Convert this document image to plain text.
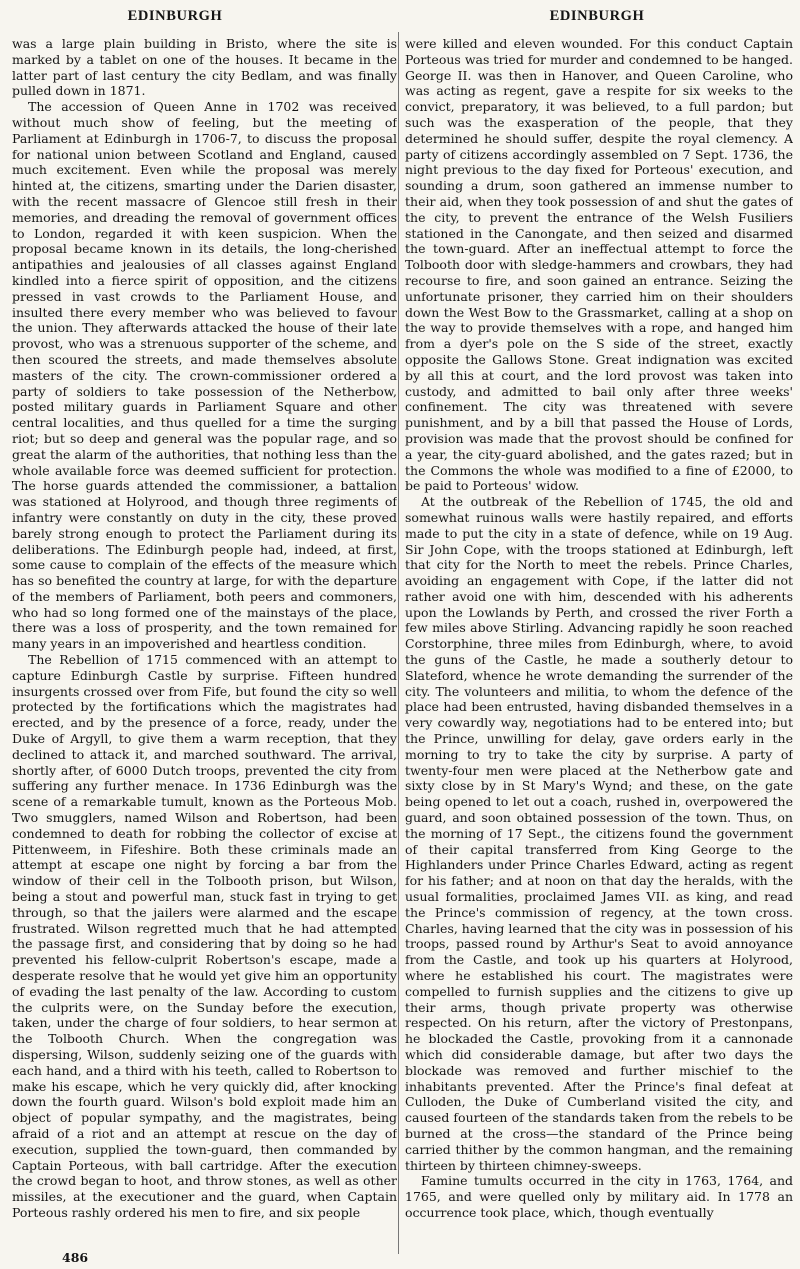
EDINBURGH	EDINBURGH

was a large plain building in Bristo, where the site is marked by a tablet on one of the houses. It became in the latter part of last century the city Bedlam, and was finally pulled down in 1871.

The accession of Queen Anne in 1702 was received without much show of feeling, but the meeting of Parliament at Edinburgh in 1706-7, to discuss the proposal for national union between Scotland and England, caused much excitement. Even while the proposal was merely hinted at, the citizens, smarting under the Darien disaster, with the recent massacre of Glencoe still fresh in their memories, and dreading the removal of government offices to London, regarded it with keen suspicion. When the proposal became known in its details, the long-cherished antipathies and jealousies of all classes against England kindled into a fierce spirit of opposition, and the citizens pressed in vast crowds to the Parliament House, and insulted there every member who was believed to favour the union. They afterwards attacked the house of their late provost, who was a strenuous supporter of the scheme, and then scoured the streets, and made themselves absolute masters of the city. The crown-commissioner ordered a party of soldiers to take possession of the Netherbow, posted military guards in Parliament Square and other central localities, and thus quelled for a time the surging riot; but so deep and general was the popular rage, and so great the alarm of the authorities, that nothing less than the whole available force was deemed sufficient for protection. The horse guards attended the commissioner, a battalion was stationed at Holyrood, and though three regiments of infantry were constantly on duty in the city, these proved barely strong enough to protect the Parliament during its deliberations. The Edinburgh people had, indeed, at first, some cause to complain of the effects of the measure which has so benefited the country at large, for with the departure of the members of Parliament, both peers and commoners, who had so long formed one of the mainstays of the place, there was a loss of prosperity, and the town remained for many years in an impoverished and heartless condition.

The Rebellion of 1715 commenced with an attempt to capture Edinburgh Castle by surprise. Fifteen hundred insurgents crossed over from Fife, but found the city so well protected by the fortifications which the magistrates had erected, and by the presence of a force, ready, under the Duke of Argyll, to give them a warm reception, that they declined to attack it, and marched southward. The arrival, shortly after, of 6000 Dutch troops, prevented the city from suffering any further menace. In 1736 Edinburgh was the scene of a remarkable tumult, known as the Porteous Mob. Two smugglers, named Wilson and Robertson, had been condemned to death for robbing the collector of excise at Pittenweem, in Fifeshire. Both these criminals made an attempt at escape one night by forcing a bar from the window of their cell in the Tolbooth prison, but Wilson, being a stout and powerful man, stuck fast in trying to get through, so that the jailers were alarmed and the escape frustrated. Wilson regretted much that he had attempted the passage first, and considering that by doing so he had prevented his fellow-culprit Robertson's escape, made a desperate resolve that he would yet give him an opportunity of evading the last penalty of the law. According to custom the culprits were, on the Sunday before the execution, taken, under the charge of four soldiers, to hear sermon at the Tolbooth Church. When the congregation was dispersing, Wilson, suddenly seizing one of the guards with each hand, and a third with his teeth, called to Robertson to make his escape, which he very quickly did, after knocking down the fourth guard. Wilson's bold exploit made him an object of popular sympathy, and the magistrates, being afraid of a riot and an attempt at rescue on the day of execution, supplied the town-guard, then commanded by Captain Porteous, with ball cartridge. After the execution the crowd began to hoot, and throw stones, as well as other missiles, at the executioner and the guard, when Captain Porteous rashly ordered his men to fire, and six people

were killed and eleven wounded. For this conduct Captain Porteous was tried for murder and condemned to be hanged. George II. was then in Hanover, and Queen Caroline, who was acting as regent, gave a respite for six weeks to the convict, preparatory, it was believed, to a full pardon; but such was the exasperation of the people, that they determined he should suffer, despite the royal clemency. A party of citizens accordingly assembled on 7 Sept. 1736, the night previous to the day fixed for Porteous' execution, and sounding a drum, soon gathered an immense number to their aid, when they took possession of and shut the gates of the city, to prevent the entrance of the Welsh Fusiliers stationed in the Canongate, and then seized and disarmed the town-guard. After an ineffectual attempt to force the Tolbooth door with sledge-hammers and crowbars, they had recourse to fire, and soon gained an entrance. Seizing the unfortunate prisoner, they carried him on their shoulders down the West Bow to the Grassmarket, calling at a shop on the way to provide themselves with a rope, and hanged him from a dyer's pole on the S side of the street, exactly opposite the Gallows Stone. Great indignation was excited by all this at court, and the lord provost was taken into custody, and admitted to bail only after three weeks' confinement. The city was threatened with severe punishment, and by a bill that passed the House of Lords, provision was made that the provost should be confined for a year, the city-guard abolished, and the gates razed; but in the Commons the whole was modified to a fine of £2000, to be paid to Porteous' widow.

At the outbreak of the Rebellion of 1745, the old and somewhat ruinous walls were hastily repaired, and efforts made to put the city in a state of defence, while on 19 Aug. Sir John Cope, with the troops stationed at Edinburgh, left that city for the North to meet the rebels. Prince Charles, avoiding an engagement with Cope, if the latter did not rather avoid one with him, descended with his adherents upon the Lowlands by Perth, and crossed the river Forth a few miles above Stirling. Advancing rapidly he soon reached Corstorphine, three miles from Edinburgh, where, to avoid the guns of the Castle, he made a southerly detour to Slateford, whence he wrote demanding the surrender of the city. The volunteers and militia, to whom the defence of the place had been entrusted, having disbanded themselves in a very cowardly way, negotiations had to be entered into; but the Prince, unwilling for delay, gave orders early in the morning to try to take the city by surprise. A party of twenty-four men were placed at the Netherbow gate and sixty close by in St Mary's Wynd; and these, on the gate being opened to let out a coach, rushed in, overpowered the guard, and soon obtained possession of the town. Thus, on the morning of 17 Sept., the citizens found the government of their capital transferred from King George to the Highlanders under Prince Charles Edward, acting as regent for his father; and at noon on that day the heralds, with the usual formalities, proclaimed James VII. as king, and read the Prince's commission of regency, at the town cross. Charles, having learned that the city was in possession of his troops, passed round by Arthur's Seat to avoid annoyance from the Castle, and took up his quarters at Holyrood, where he established his court. The magistrates were compelled to furnish supplies and the citizens to give up their arms, though private property was otherwise respected. On his return, after the victory of Prestonpans, he blockaded the Castle, provoking from it a cannonade which did considerable damage, but after two days the blockade was removed and further mischief to the inhabitants prevented. After the Prince's final defeat at Culloden, the Duke of Cumberland visited the city, and caused fourteen of the standards taken from the rebels to be burned at the cross—the standard of the Prince being carried thither by the common hangman, and the remaining thirteen by thirteen chimney-sweeps.

Famine tumults occurred in the city in 1763, 1764, and 1765, and were quelled only by military aid. In 1778 an occurrence took place, which, though eventually

486
